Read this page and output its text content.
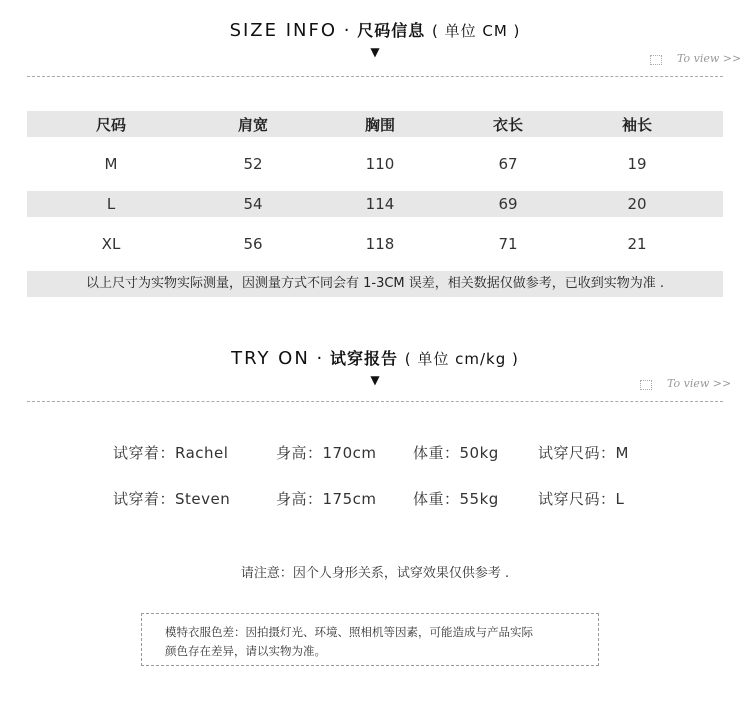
SIZE INFO · 尺码信息 ( 单位 CM )
▼	To view >>
尺码	肩宽	胸围	衣长	袖长
M	52	110	67	19
L	54	114	69	20
XL	56	118	71	21
以上尺寸为实物实际测量，因测量方式不同会有 1-3CM 误差，相关数据仅做参考，已收到实物为准 .
TRY ON · 试穿报告 ( 单位 cm/kg )
▼	To view >>
试穿着：Rachel	身高：170cm 体重：50kg	试穿尺码：M
试穿着：Steven	身高：175cm 体重：55kg	试穿尺码：L
请注意：因个人身形关系，试穿效果仅供参考 .
模特衣服色差：因拍摄灯光、环境、照相机等因素，可能造成与产品实际
颜色存在差异，请以实物为准。
